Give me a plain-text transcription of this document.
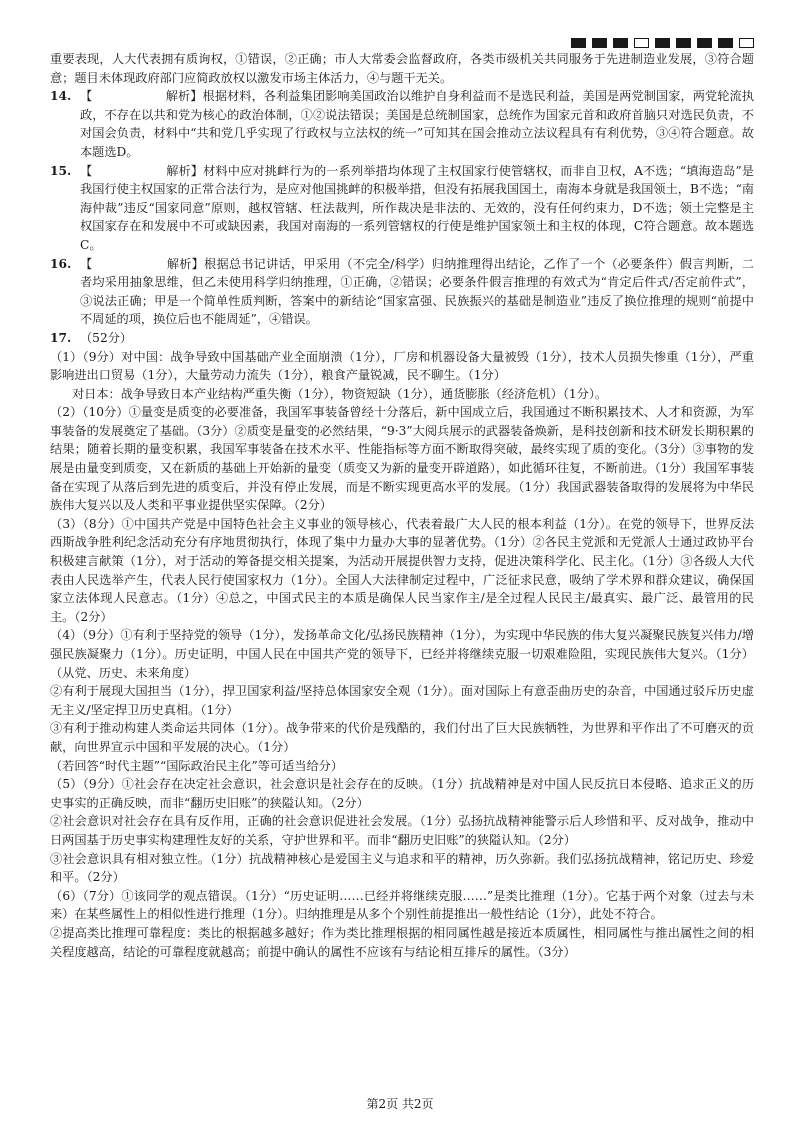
重要表现，人大代表拥有质询权，①错误，②正确；市人大常委会监督政府，各类市级机关共同服务于先进制造业发展，③符合题意；题目未体现政府部门应简政放权以激发市场主体活力，④与题干无关。

14. 【　　　　　　解析】根据材料，各利益集团影响美国政治以维护自身利益而不是选民利益，美国是两党制国家，两党轮流执政，不存在以共和党为核心的政治体制，①②说法错误；美国是总统制国家，总统作为国家元首和政府首脑只对选民负责，不对国会负责，材料中“共和党几乎实现了行政权与立法权的统一”可知其在国会推动立法议程具有有利优势，③④符合题意。故本题选D。
15. 【　　　　　　解析】材料中应对挑衅行为的一系列举措均体现了主权国家行使管辖权，而非自卫权，A不选；“填海造岛”是我国行使主权国家的正常合法行为，是应对他国挑衅的积极举措，但没有拓展我国国土，南海本身就是我国领土，B不选；“南海仲裁”违反“国家同意”原则，越权管辖、枉法裁判，所作裁决是非法的、无效的，没有任何约束力，D不选；领土完整是主权国家存在和发展中不可或缺因素，我国对南海的一系列管辖权的行使是维护国家领土和主权的体现，C符合题意。故本题选C。
16. 【　　　　　　解析】根据总书记讲话，甲采用（不完全/科学）归纳推理得出结论，乙作了一个（必要条件）假言判断，二者均采用抽象思维，但乙未使用科学归纳推理，①正确，②错误；必要条件假言推理的有效式为“肯定后件式/否定前件式”，③说法正确；甲是一个简单性质判断，答案中的新结论“国家富强、民族振兴的基础是制造业”违反了换位推理的规则“前提中不周延的项，换位后也不能周延”，④错误。
17. （52分）

（1）（9分）对中国：战争导致中国基础产业全面崩溃（1分），厂房和机器设备大量被毁（1分），技术人员损失惨重（1分），严重影响进出口贸易（1分），大量劳动力流失（1分），粮食产量锐减，民不聊生。（1分）

对日本：战争导致日本产业结构严重失衡（1分），物资短缺（1分），通货膨胀（经济危机）（1分）。

（2）（10分）①量变是质变的必要准备，我国军事装备曾经十分落后，新中国成立后，我国通过不断积累技术、人才和资源，为军事装备的发展奠定了基础。（3分）②质变是量变的必然结果，“9·3”大阅兵展示的武器装备焕新，是科技创新和技术研发长期积累的结果；随着长期的量变积累，我国军事装备在技术水平、性能指标等方面不断取得突破，最终实现了质的变化。（3分）③事物的发展是由量变到质变，又在新质的基础上开始新的量变（质变又为新的量变开辟道路），如此循环往复，不断前进。（1分）我国军事装备在实现了从落后到先进的质变后，并没有停止发展，而是不断实现更高水平的发展。（1分）我国武器装备取得的发展将为中华民族伟大复兴以及人类和平事业提供坚实保障。（2分）

（3）（8分）①中国共产党是中国特色社会主义事业的领导核心，代表着最广大人民的根本利益（1分）。在党的领导下，世界反法西斯战争胜利纪念活动充分有序地贯彻执行，体现了集中力量办大事的显著优势。（1分）②各民主党派和无党派人士通过政协平台积极建言献策（1分），对于活动的筹备提交相关提案，为活动开展提供智力支持，促进决策科学化、民主化。（1分）③各级人大代表由人民选举产生，代表人民行使国家权力（1分）。全国人大法律制定过程中，广泛征求民意，吸纳了学术界和群众建议，确保国家立法体现人民意志。（1分）④总之，中国式民主的本质是确保人民当家作主/是全过程人民民主/最真实、最广泛、最管用的民主。（2分）

（4）（9分）①有利于坚持党的领导（1分），发扬革命文化/弘扬民族精神（1分），为实现中华民族的伟大复兴凝聚民族复兴伟力/增强民族凝聚力（1分）。历史证明，中国人民在中国共产党的领导下，已经并将继续克服一切艰难险阻，实现民族伟大复兴。（1分）（从党、历史、未来角度）

②有利于展现大国担当（1分），捍卫国家利益/坚持总体国家安全观（1分）。面对国际上有意歪曲历史的杂音，中国通过驳斥历史虚无主义/坚定捍卫历史真相。（1分）

③有利于推动构建人类命运共同体（1分）。战争带来的代价是残酷的，我们付出了巨大民族牺牲，为世界和平作出了不可磨灭的贡献，向世界宣示中国和平发展的决心。（1分）

（若回答“时代主题”“国际政治民主化”等可适当给分）

（5）（9分）①社会存在决定社会意识，社会意识是社会存在的反映。（1分）抗战精神是对中国人民反抗日本侵略、追求正义的历史事实的正确反映，而非“翻历史旧账”的狭隘认知。（2分）

②社会意识对社会存在具有反作用，正确的社会意识促进社会发展。（1分）弘扬抗战精神能警示后人珍惜和平、反对战争，推动中日两国基于历史事实构建理性友好的关系，守护世界和平。而非“翻历史旧账”的狭隘认知。（2分）

③社会意识具有相对独立性。（1分）抗战精神核心是爱国主义与追求和平的精神，历久弥新。我们弘扬抗战精神，铭记历史、珍爱和平。（2分）

（6）（7分）①该同学的观点错误。（1分）“历史证明……已经并将继续克服……”是类比推理（1分）。它基于两个对象（过去与未来）在某些属性上的相似性进行推理（1分）。归纳推理是从多个个别性前提推出一般性结论（1分），此处不符合。

②提高类比推理可靠程度：类比的根据越多越好；作为类比推理根据的相同属性越是接近本质属性，相同属性与推出属性之间的相关程度越高，结论的可靠程度就越高；前提中确认的属性不应该有与结论相互排斥的属性。（3分）

第2页 共2页
